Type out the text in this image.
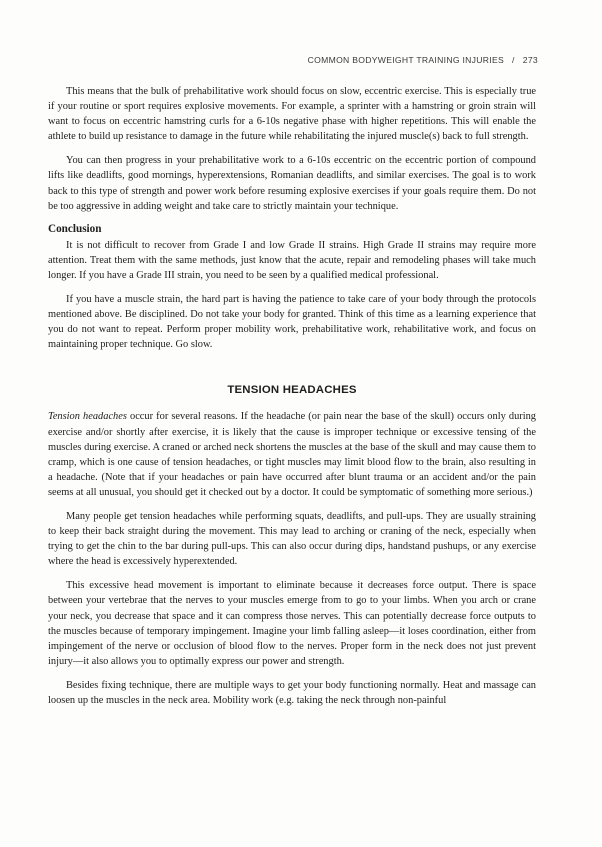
COMMON BODYWEIGHT TRAINING INJURIES / 273

This means that the bulk of prehabilitative work should focus on slow, eccentric exercise. This is especially true if your routine or sport requires explosive movements. For example, a sprinter with a hamstring or groin strain will want to focus on eccentric hamstring curls for a 6-10s negative phase with higher repetitions. This will enable the athlete to build up resistance to damage in the future while rehabilitating the injured muscle(s) back to full strength.

You can then progress in your prehabilitative work to a 6-10s eccentric on the eccentric portion of compound lifts like deadlifts, good mornings, hyperextensions, Romanian deadlifts, and similar exercises. The goal is to work back to this type of strength and power work before resuming explosive exercises if your goals require them. Do not be too aggressive in adding weight and take care to strictly maintain your technique.

Conclusion

It is not difficult to recover from Grade I and low Grade II strains. High Grade II strains may require more attention. Treat them with the same methods, just know that the acute, repair and remodeling phases will take much longer. If you have a Grade III strain, you need to be seen by a qualified medical professional.

If you have a muscle strain, the hard part is having the patience to take care of your body through the protocols mentioned above. Be disciplined. Do not take your body for granted. Think of this time as a learning experience that you do not want to repeat. Perform proper mobility work, prehabilitative work, rehabilitative work, and focus on maintaining proper technique. Go slow.

TENSION HEADACHES

Tension headaches occur for several reasons. If the headache (or pain near the base of the skull) occurs only during exercise and/or shortly after exercise, it is likely that the cause is improper technique or excessive tensing of the muscles during exercise. A craned or arched neck shortens the muscles at the base of the skull and may cause them to cramp, which is one cause of tension headaches, or tight muscles may limit blood flow to the brain, also resulting in a headache. (Note that if your headaches or pain have occurred after blunt trauma or an accident and/or the pain seems at all unusual, you should get it checked out by a doctor. It could be symptomatic of something more serious.)

Many people get tension headaches while performing squats, deadlifts, and pull-ups. They are usually straining to keep their back straight during the movement. This may lead to arching or craning of the neck, especially when trying to get the chin to the bar during pull-ups. This can also occur during dips, handstand pushups, or any exercise where the head is excessively hyperextended.

This excessive head movement is important to eliminate because it decreases force output. There is space between your vertebrae that the nerves to your muscles emerge from to go to your limbs. When you arch or crane your neck, you decrease that space and it can compress those nerves. This can potentially decrease force outputs to the muscles because of temporary impingement. Imagine your limb falling asleep—it loses coordination, either from impingement of the nerve or occlusion of blood flow to the nerves. Proper form in the neck does not just prevent injury—it also allows you to optimally express our power and strength.

Besides fixing technique, there are multiple ways to get your body functioning normally. Heat and massage can loosen up the muscles in the neck area. Mobility work (e.g. taking the neck through non-painful
